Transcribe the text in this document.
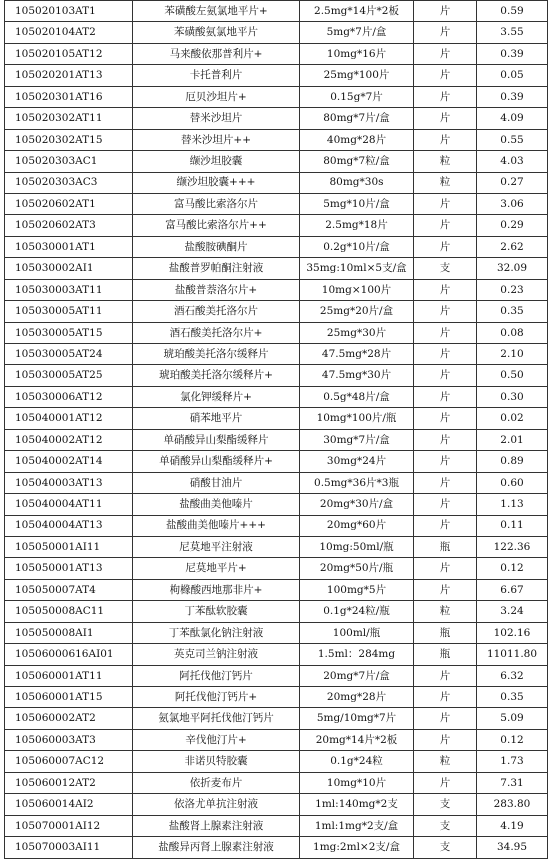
105020103AT1	苯磺酸左氨氯地平片+	2.5mg*14片*2板	片	0.59
105020104AT2	苯磺酸氨氯地平片	5mg*7片/盒	片	3.55
105020105AT12	马来酸依那普利片+	10mg*16片	片	0.39
105020201AT13	卡托普利片	25mg*100片	片	0.05
105020301AT16	厄贝沙坦片+	0.15g*7片	片	0.39
105020302AT11	替米沙坦片	80mg*7片/盒	片	4.09
105020302AT15	替米沙坦片++	40mg*28片	片	0.55
105020303AC1	缬沙坦胶囊	80mg*7粒/盒	粒	4.03
105020303AC3	缬沙坦胶囊+++	80mg*30s	粒	0.27
105020602AT1	富马酸比索洛尔片	5mg*10片/盒	片	3.06
105020602AT3	富马酸比索洛尔片++	2.5mg*18片	片	0.29
105030001AT1	盐酸胺碘酮片	0.2g*10片/盒	片	2.62
105030002AI1	盐酸普罗帕酮注射液	35mg:10ml×5支/盒	支	32.09
105030003AT11	盐酸普萘洛尔片+	10mg×100片	片	0.23
105030005AT11	酒石酸美托洛尔片	25mg*20片/盒	片	0.35
105030005AT15	酒石酸美托洛尔片+	25mg*30片	片	0.08
105030005AT24	琥珀酸美托洛尔缓释片	47.5mg*28片	片	2.10
105030005AT25	琥珀酸美托洛尔缓释片+	47.5mg*30片	片	0.50
105030006AT12	氯化钾缓释片+	0.5g*48片/盒	片	0.30
105040001AT12	硝苯地平片	10mg*100片/瓶	片	0.02
105040002AT12	单硝酸异山梨酯缓释片	30mg*7片/盒	片	2.01
105040002AT14	单硝酸异山梨酯缓释片+	30mg*24片	片	0.89
105040003AT13	硝酸甘油片	0.5mg*36片*3瓶	片	0.60
105040004AT11	盐酸曲美他嗪片	20mg*30片/盒	片	1.13
105040004AT13	盐酸曲美他嗪片+++	20mg*60片	片	0.11
105050001AI11	尼莫地平注射液	10mg:50ml/瓶	瓶	122.36
105050001AT13	尼莫地平片+	20mg*50片/瓶	片	0.12
105050007AT4	枸橼酸西地那非片+	100mg*5片	片	6.67
105050008AC11	丁苯酞软胶囊	0.1g*24粒/瓶	粒	3.24
105050008AI1	丁苯酞氯化钠注射液	100ml/瓶	瓶	102.16
10506000616AI01	英克司兰钠注射液	1.5ml：284mg	瓶	11011.80
105060001AT11	阿托伐他汀钙片	20mg*7片/盒	片	6.32
105060001AT15	阿托伐他汀钙片+	20mg*28片	片	0.35
105060002AT2	氨氯地平阿托伐他汀钙片	5mg/10mg*7片	片	5.09
105060003AT3	辛伐他汀片+	20mg*14片*2板	片	0.12
105060007AC12	非诺贝特胶囊	0.1g*24粒	粒	1.73
105060012AT2	依折麦布片	10mg*10片	片	7.31
105060014AI2	依洛尤单抗注射液	1ml:140mg*2支	支	283.80
105070001AI12	盐酸肾上腺素注射液	1ml:1mg*2支/盒	支	4.19
105070003AI11	盐酸异丙肾上腺素注射液	1mg:2ml×2支/盒	支	34.95
